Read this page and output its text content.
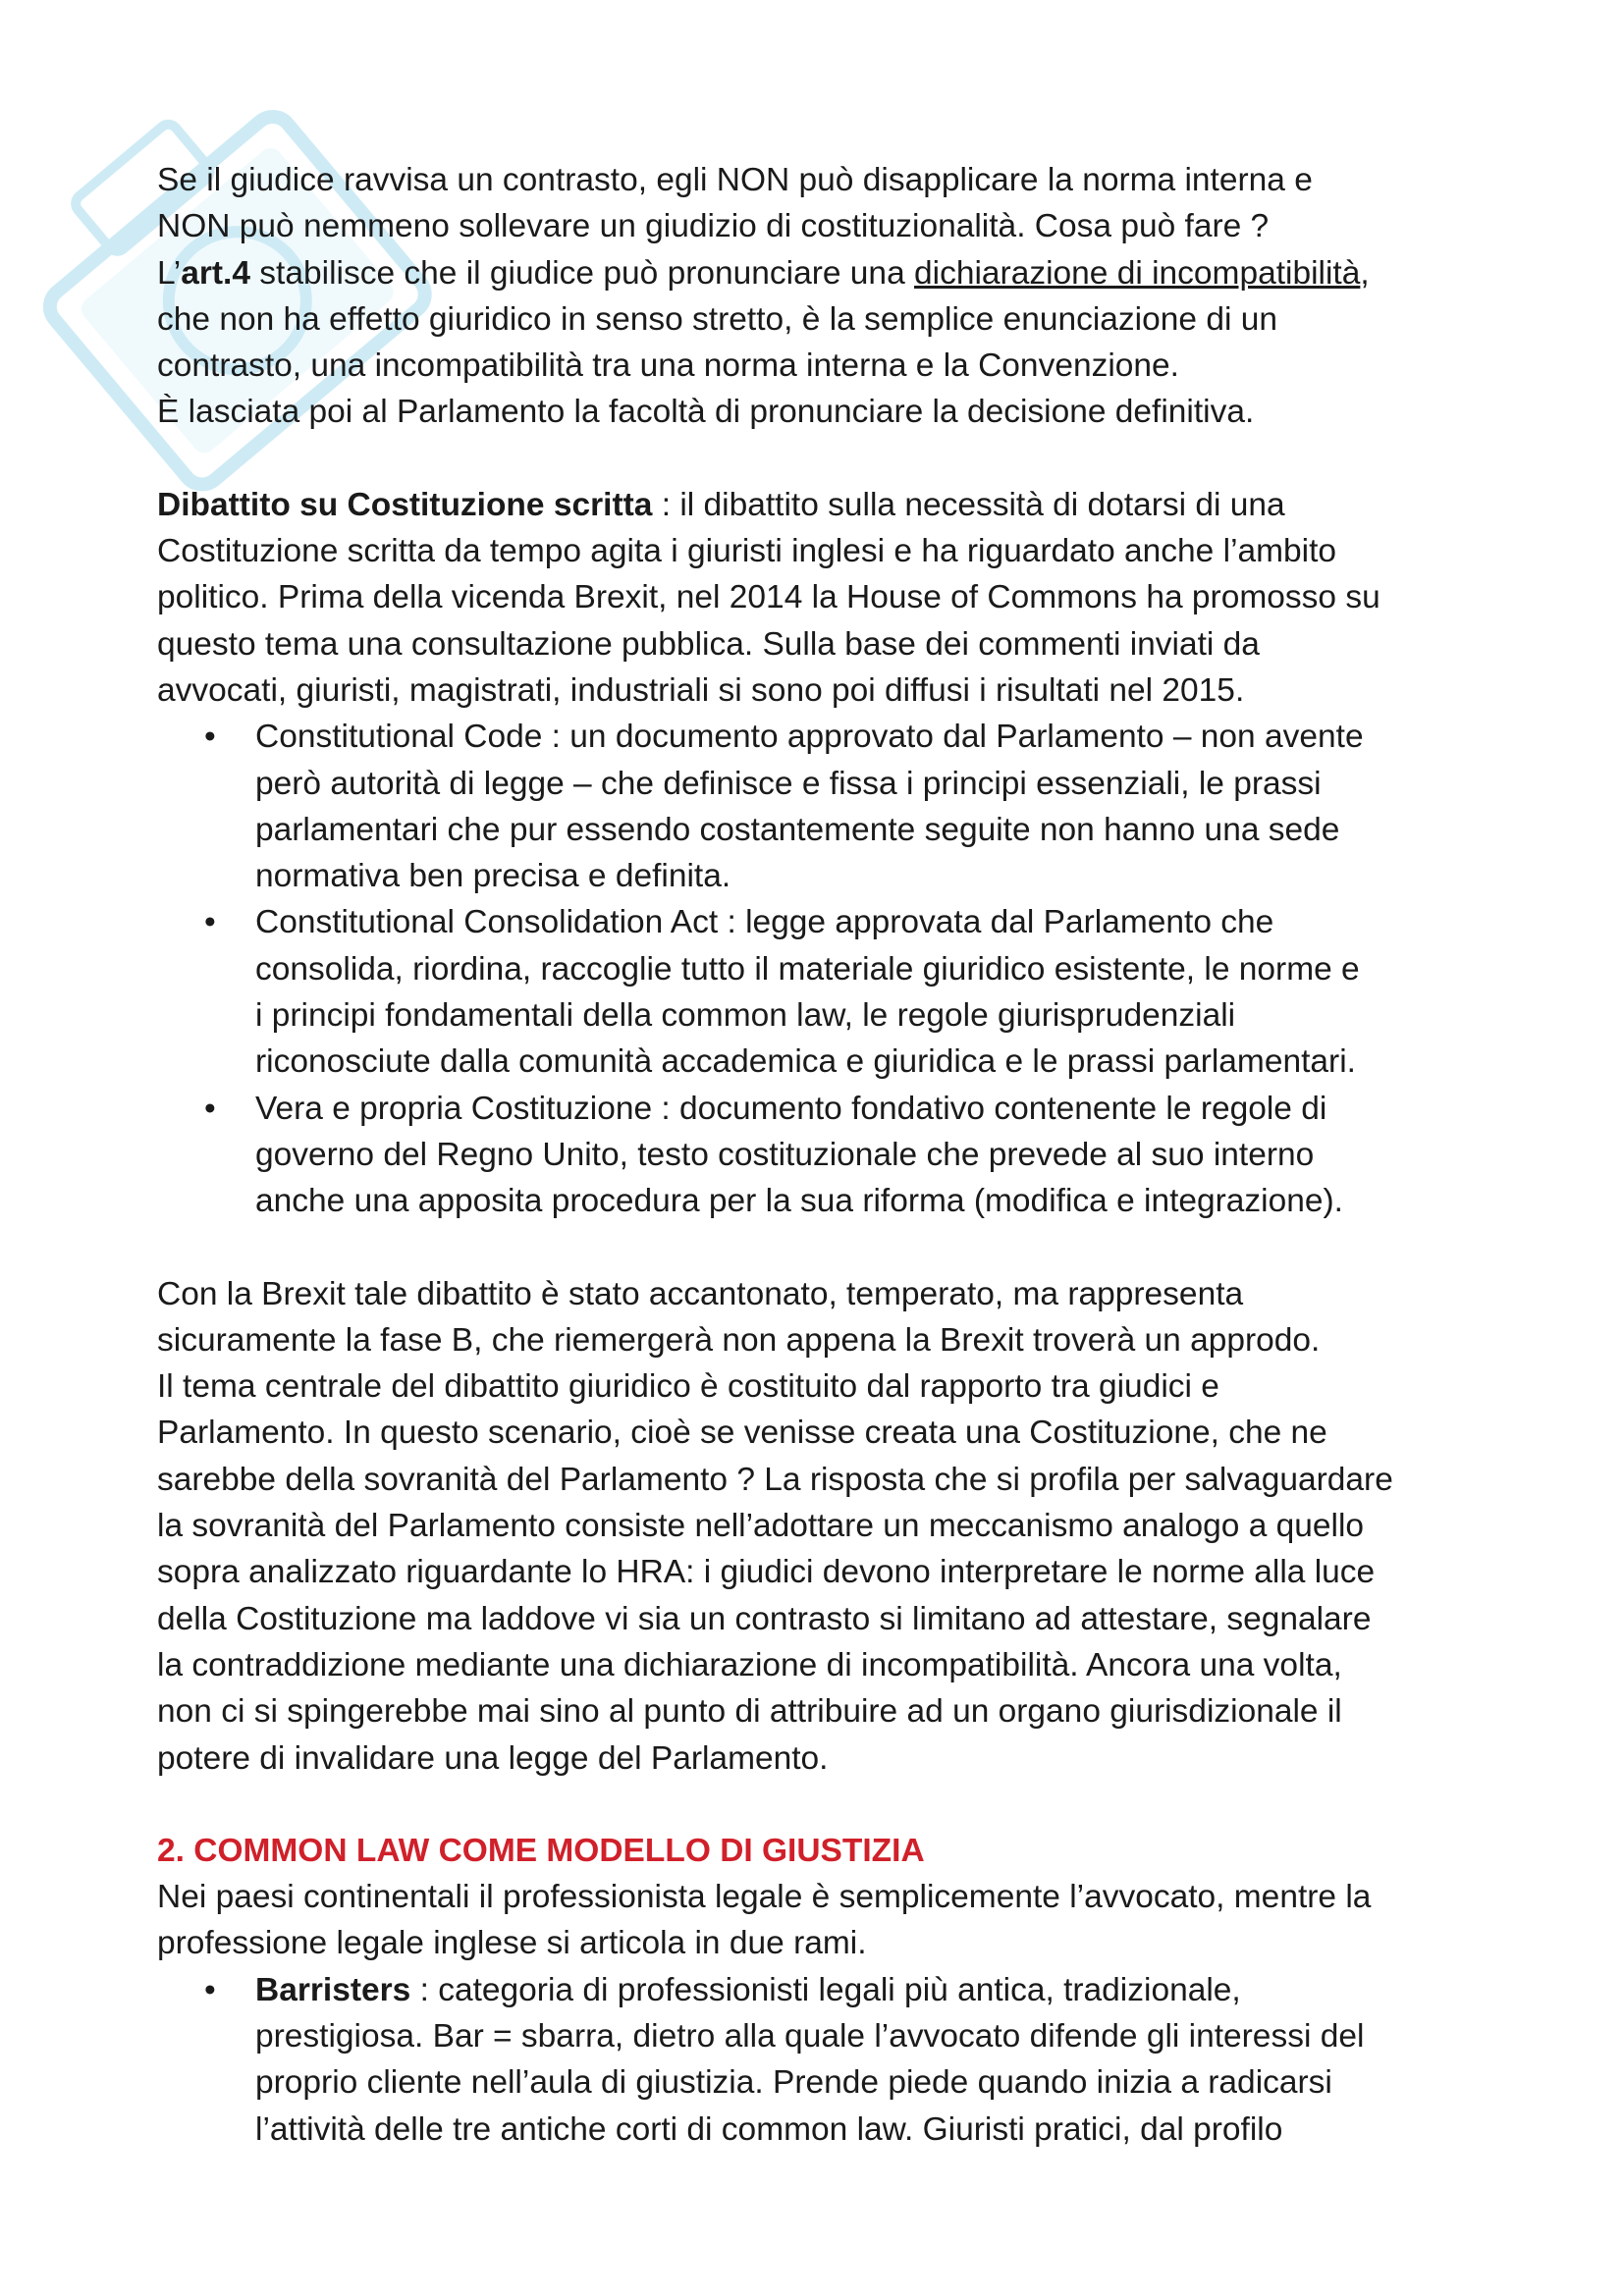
Se il giudice ravvisa un contrasto, egli NON può disapplicare la norma interna e

NON può nemmeno sollevare un giudizio di costituzionalità. Cosa può fare ?

L’art.4 stabilisce che il giudice può pronunciare una dichiarazione di incompatibilità,

che non ha effetto giuridico in senso stretto, è la semplice enunciazione di un

contrasto, una incompatibilità tra una norma interna e la Convenzione.

È lasciata poi al Parlamento la facoltà di pronunciare la decisione definitiva.

Dibattito su Costituzione scritta : il dibattito sulla necessità di dotarsi di una

Costituzione scritta da tempo agita i giuristi inglesi e ha riguardato anche l’ambito

politico. Prima della vicenda Brexit, nel 2014 la House of Commons ha promosso su

questo tema una consultazione pubblica. Sulla base dei commenti inviati da

avvocati, giuristi, magistrati, industriali si sono poi diffusi i risultati nel 2015.

• Constitutional Code : un documento approvato dal Parlamento – non avente

però autorità di legge – che definisce e fissa i principi essenziali, le prassi

parlamentari che pur essendo costantemente seguite non hanno una sede

normativa ben precisa e definita.

• Constitutional Consolidation Act : legge approvata dal Parlamento che

consolida, riordina, raccoglie tutto il materiale giuridico esistente, le norme e

i principi fondamentali della common law, le regole giurisprudenziali

riconosciute dalla comunità accademica e giuridica e le prassi parlamentari.

• Vera e propria Costituzione : documento fondativo contenente le regole di

governo del Regno Unito, testo costituzionale che prevede al suo interno

anche una apposita procedura per la sua riforma (modifica e integrazione).

Con la Brexit tale dibattito è stato accantonato, temperato, ma rappresenta

sicuramente la fase B, che riemergerà non appena la Brexit troverà un approdo.

Il tema centrale del dibattito giuridico è costituito dal rapporto tra giudici e

Parlamento. In questo scenario, cioè se venisse creata una Costituzione, che ne

sarebbe della sovranità del Parlamento ? La risposta che si profila per salvaguardare

la sovranità del Parlamento consiste nell’adottare un meccanismo analogo a quello

sopra analizzato riguardante lo HRA: i giudici devono interpretare le norme alla luce

della Costituzione ma laddove vi sia un contrasto si limitano ad attestare, segnalare

la contraddizione mediante una dichiarazione di incompatibilità. Ancora una volta,

non ci si spingerebbe mai sino al punto di attribuire ad un organo giurisdizionale il

potere di invalidare una legge del Parlamento.

2. COMMON LAW COME MODELLO DI GIUSTIZIA

Nei paesi continentali il professionista legale è semplicemente l’avvocato, mentre la

professione legale inglese si articola in due rami.

• Barristers : categoria di professionisti legali più antica, tradizionale,

prestigiosa. Bar = sbarra, dietro alla quale l’avvocato difende gli interessi del

proprio cliente nell’aula di giustizia. Prende piede quando inizia a radicarsi

l’attività delle tre antiche corti di common law. Giuristi pratici, dal profilo
